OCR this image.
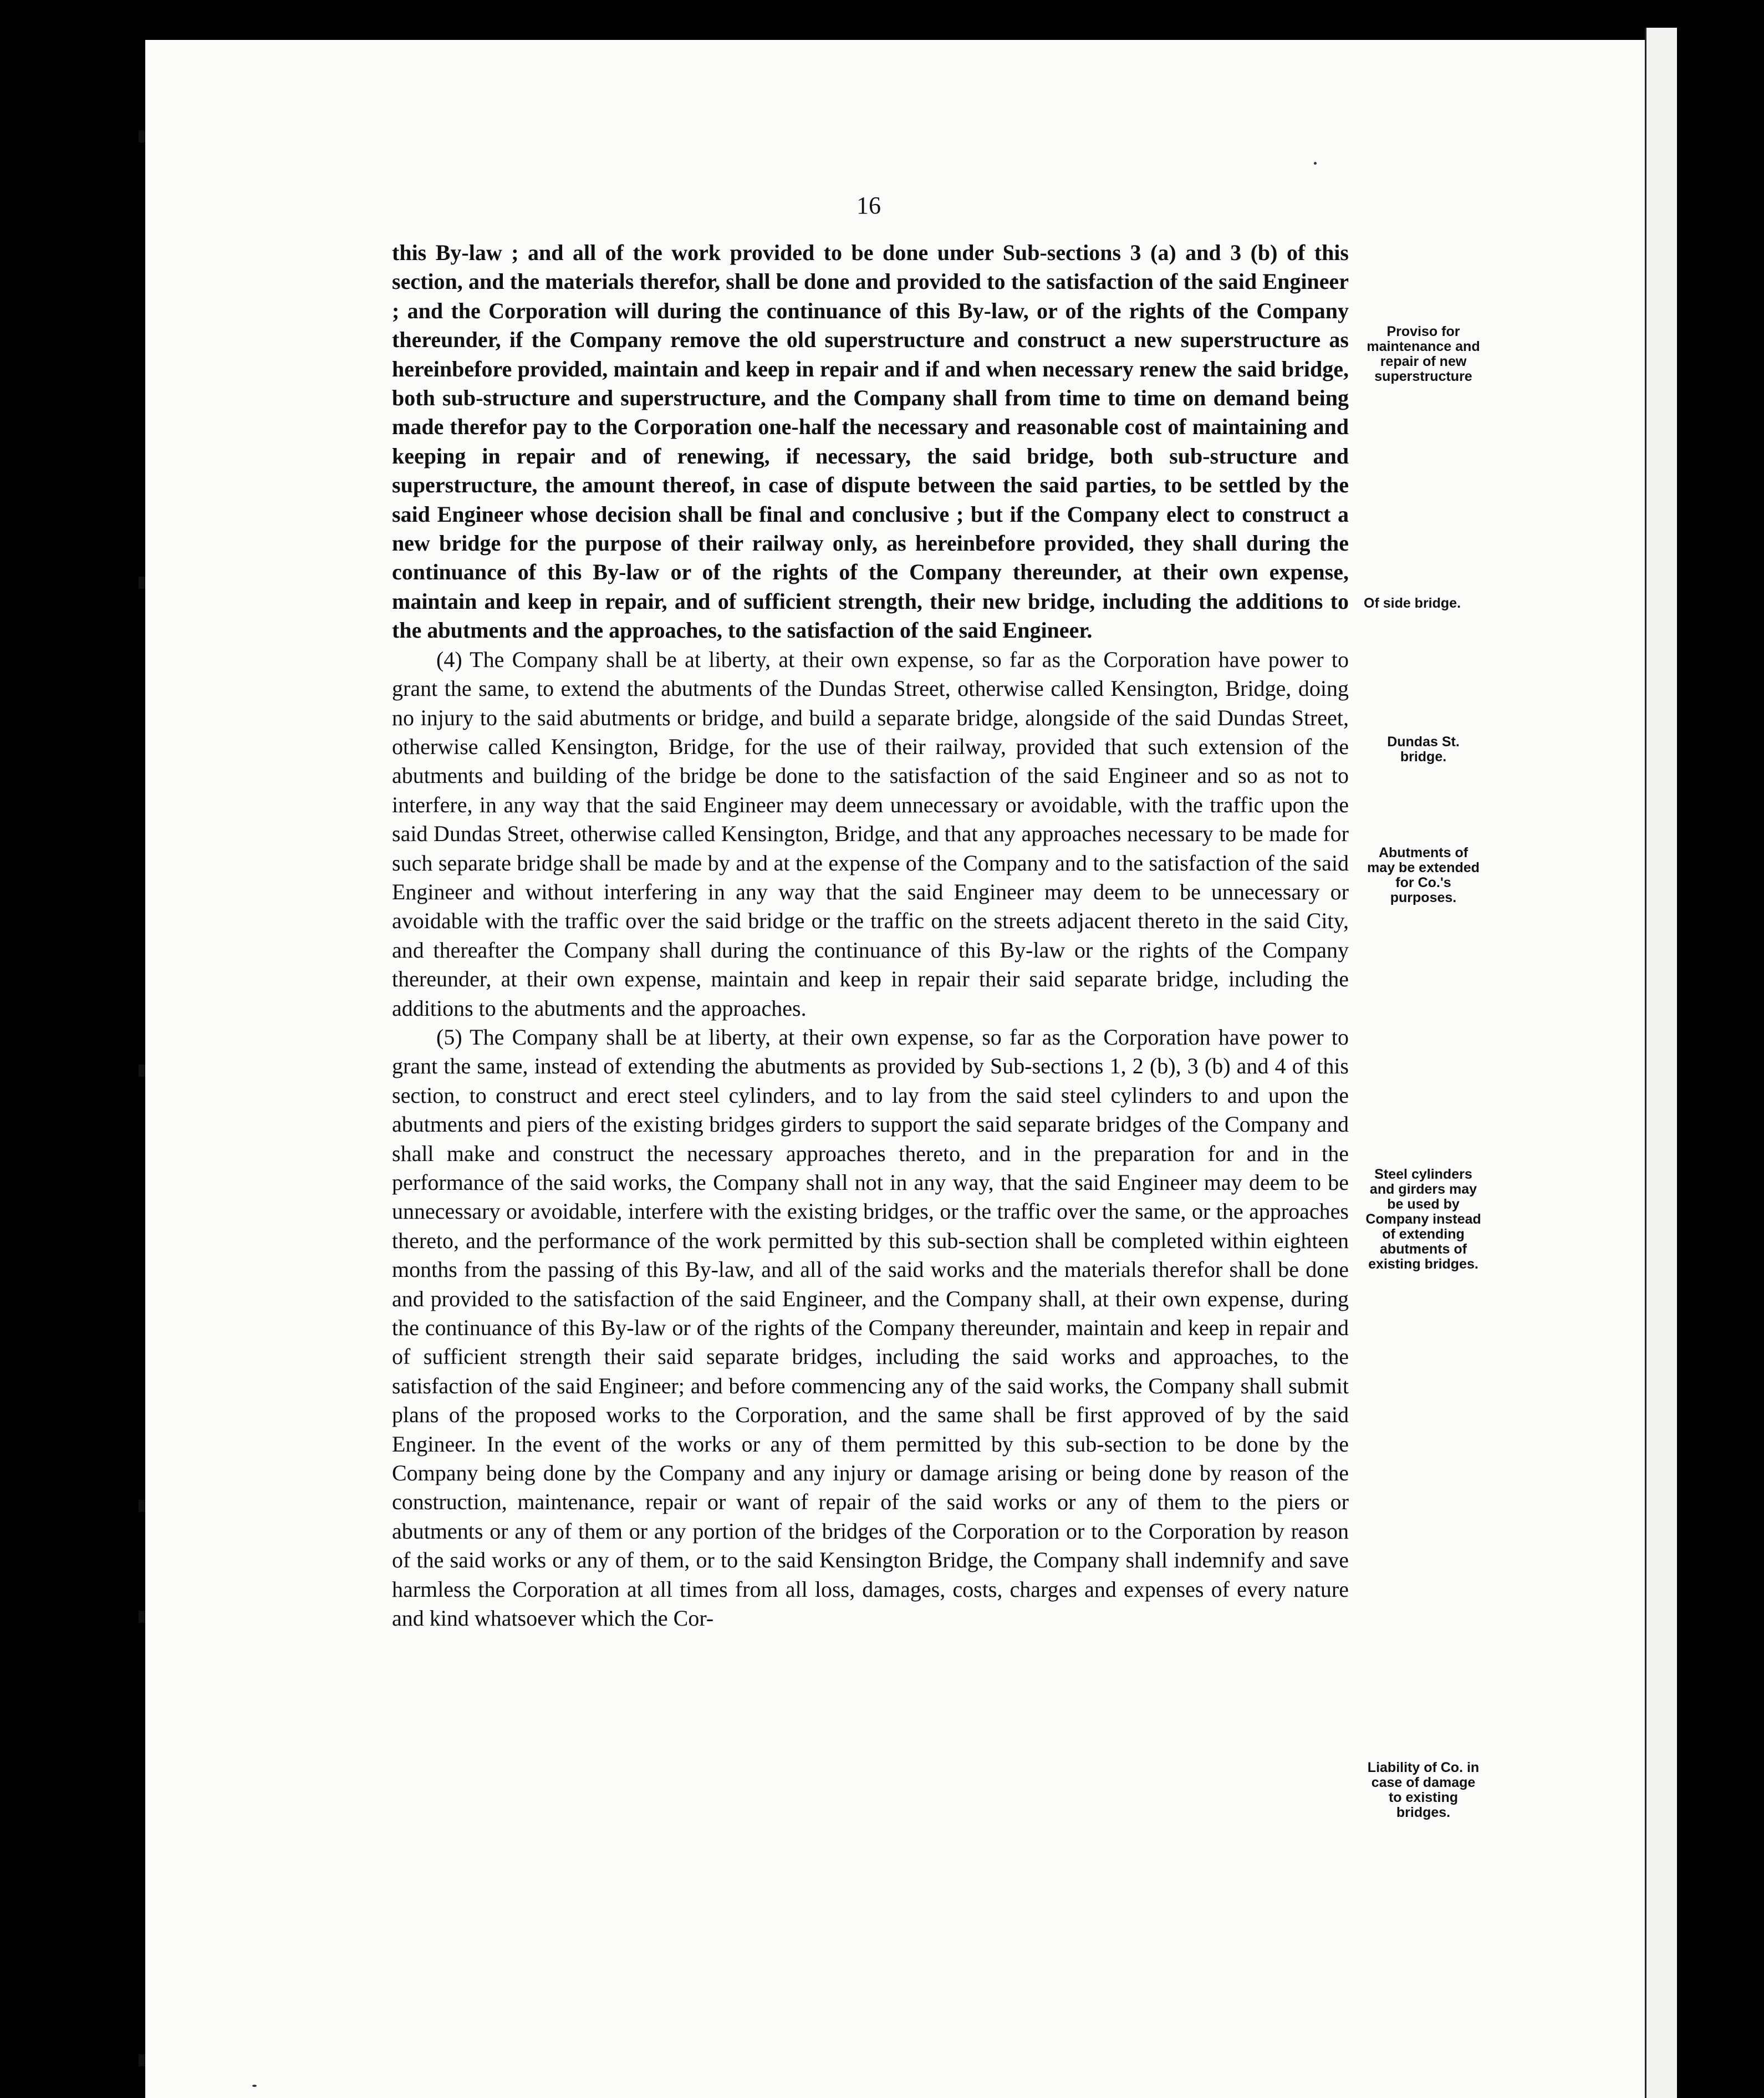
16

this By-law ; and all of the work provided to be done under Sub-sections 3 (a) and 3 (b) of this section, and the materials therefor, shall be done and provided to the satisfaction of the said Engineer ; and the Corporation will during the continuance of this By-law, or of the rights of the Company thereunder, if the Company remove the old superstructure and construct a new superstructure as hereinbefore provided, maintain and keep in repair and if and when necessary renew the said bridge, both sub-structure and superstructure, and the Company shall from time to time on demand being made therefor pay to the Corporation one-half the necessary and reasonable cost of maintaining and keeping in repair and of renewing, if necessary, the said bridge, both sub-structure and superstructure, the amount thereof, in case of dispute between the said parties, to be settled by the said Engineer whose decision shall be final and conclusive ; but if the Company elect to construct a new bridge for the purpose of their railway only, as hereinbefore provided, they shall during the continuance of this By-law or of the rights of the Company thereunder, at their own expense, maintain and keep in repair, and of sufficient strength, their new bridge, including the additions to the abutments and the approaches, to the satisfaction of the said Engineer.

(4) The Company shall be at liberty, at their own expense, so far as the Corporation have power to grant the same, to extend the abutments of the Dundas Street, otherwise called Kensington, Bridge, doing no injury to the said abutments or bridge, and build a separate bridge, alongside of the said Dundas Street, otherwise called Kensington, Bridge, for the use of their railway, provided that such extension of the abutments and building of the bridge be done to the satisfaction of the said Engineer and so as not to interfere, in any way that the said Engineer may deem unnecessary or avoidable, with the traffic upon the said Dundas Street, otherwise called Kensington, Bridge, and that any approaches necessary to be made for such separate bridge shall be made by and at the expense of the Company and to the satisfaction of the said Engineer and without interfering in any way that the said Engineer may deem to be unnecessary or avoidable with the traffic over the said bridge or the traffic on the streets adjacent thereto in the said City, and thereafter the Company shall during the continuance of this By-law or the rights of the Company thereunder, at their own expense, maintain and keep in repair their said separate bridge, including the additions to the abutments and the approaches.

(5) The Company shall be at liberty, at their own expense, so far as the Corporation have power to grant the same, instead of extending the abutments as provided by Sub-sections 1, 2 (b), 3 (b) and 4 of this section, to construct and erect steel cylinders, and to lay from the said steel cylinders to and upon the abutments and piers of the existing bridges girders to support the said separate bridges of the Company and shall make and construct the necessary approaches thereto, and in the preparation for and in the performance of the said works, the Company shall not in any way, that the said Engineer may deem to be unnecessary or avoidable, interfere with the existing bridges, or the traffic over the same, or the approaches thereto, and the performance of the work permitted by this sub-section shall be completed within eighteen months from the passing of this By-law, and all of the said works and the materials therefor shall be done and provided to the satisfaction of the said Engineer, and the Company shall, at their own expense, during the continuance of this By-law or of the rights of the Company thereunder, maintain and keep in repair and of sufficient strength their said separate bridges, including the said works and approaches, to the satisfaction of the said Engineer; and before commencing any of the said works, the Company shall submit plans of the proposed works to the Corporation, and the same shall be first approved of by the said Engineer. In the event of the works or any of them permitted by this sub-section to be done by the Company being done by the Company and any injury or damage arising or being done by reason of the construction, maintenance, repair or want of repair of the said works or any of them to the piers or abutments or any of them or any portion of the bridges of the Corporation or to the Corporation by reason of the said works or any of them, or to the said Kensington Bridge, the Company shall indemnify and save harmless the Corporation at all times from all loss, damages, costs, charges and expenses of every nature and kind whatsoever which the Cor-

Proviso for maintenance and repair of new superstructure
Of side bridge.
Dundas St. bridge.
Abutments of may be extended for Co.'s purposes.
Steel cylinders and girders may be used by Company instead of extending abutments of existing bridges.
Liability of Co. in case of damage to existing bridges.
